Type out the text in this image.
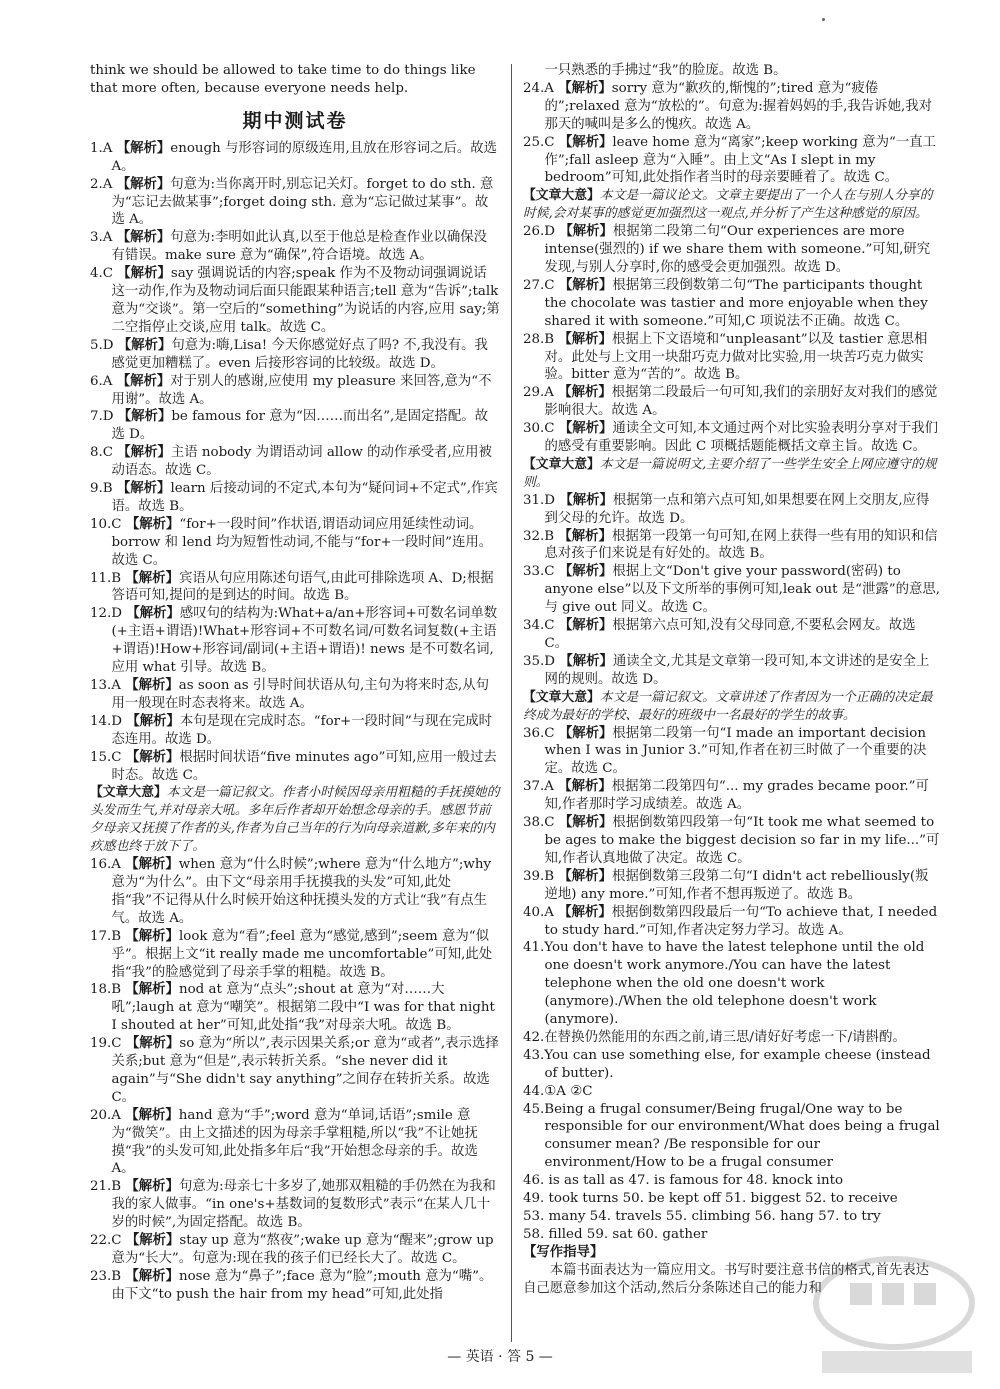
think we should be allowed to take time to do things like that more often, because everyone needs help.

期中测试卷

1.A 【解析】enough 与形容词的原级连用,且放在形容词之后。故选 A。

2.A 【解析】句意为:当你离开时,别忘记关灯。forget to do sth. 意为“忘记去做某事”;forget doing sth. 意为“忘记做过某事”。故选 A。

3.A 【解析】句意为:李明如此认真,以至于他总是检查作业以确保没有错误。make sure 意为“确保”,符合语境。故选 A。

4.C 【解析】say 强调说话的内容;speak 作为不及物动词强调说话这一动作,作为及物动词后面只能跟某种语言;tell 意为“告诉”;talk 意为“交谈”。第一空后的“something”为说话的内容,应用 say;第二空指停止交谈,应用 talk。故选 C。

5.D 【解析】句意为:嗨,Lisa! 今天你感觉好点了吗? 不,我没有。我感觉更加糟糕了。even 后接形容词的比较级。故选 D。

6.A 【解析】对于别人的感谢,应使用 my pleasure 来回答,意为“不用谢”。故选 A。

7.D 【解析】be famous for 意为“因……而出名”,是固定搭配。故选 D。

8.C 【解析】主语 nobody 为谓语动词 allow 的动作承受者,应用被动语态。故选 C。

9.B 【解析】learn 后接动词的不定式,本句为“疑问词+不定式”,作宾语。故选 B。

10.C 【解析】“for+一段时间”作状语,谓语动词应用延续性动词。borrow 和 lend 均为短暂性动词,不能与“for+一段时间”连用。故选 C。

11.B 【解析】宾语从句应用陈述句语气,由此可排除选项 A、D;根据答语可知,提问的是到达的时间。故选 B。

12.D 【解析】感叹句的结构为:What+a/an+形容词+可数名词单数(+主语+谓语)!What+形容词+不可数名词/可数名词复数(+主语+谓语)!How+形容词/副词(+主语+谓语)! news 是不可数名词,应用 what 引导。故选 B。

13.A 【解析】as soon as 引导时间状语从句,主句为将来时态,从句用一般现在时态表将来。故选 A。

14.D 【解析】本句是现在完成时态。“for+一段时间”与现在完成时态连用。故选 D。

15.C 【解析】根据时间状语“five minutes ago”可知,应用一般过去时态。故选 C。

【文章大意】本文是一篇记叙文。作者小时候因母亲用粗糙的手抚摸她的头发而生气,并对母亲大吼。多年后作者却开始想念母亲的手。感恩节前夕母亲又抚摸了作者的头,作者为自己当年的行为向母亲道歉,多年来的内疚感也终于放下了。

16.A 【解析】when 意为“什么时候”;where 意为“什么地方”;why 意为“为什么”。由下文“母亲用手抚摸我的头发”可知,此处指“我”不记得从什么时候开始这种抚摸头发的方式让“我”有点生气。故选 A。

17.B 【解析】look 意为“看”;feel 意为“感觉,感到”;seem 意为“似乎”。根据上文“it really made me uncomfortable”可知,此处指“我”的脸感觉到了母亲手掌的粗糙。故选 B。

18.B 【解析】nod at 意为“点头”;shout at 意为“对……大吼”;laugh at 意为“嘲笑”。根据第二段中“I was for that night I shouted at her”可知,此处指“我”对母亲大吼。故选 B。

19.C 【解析】so 意为“所以”,表示因果关系;or 意为“或者”,表示选择关系;but 意为“但是”,表示转折关系。“she never did it again”与“She didn't say anything”之间存在转折关系。故选 C。

20.A 【解析】hand 意为“手”;word 意为“单词,话语”;smile 意为“微笑”。由上文描述的因为母亲手掌粗糙,所以“我”不让她抚摸“我”的头发可知,此处指多年后“我”开始想念母亲的手。故选 A。

21.B 【解析】句意为:母亲七十多岁了,她那双粗糙的手仍然在为我和我的家人做事。“in one's+基数词的复数形式”表示“在某人几十岁的时候”,为固定搭配。故选 B。

22.C 【解析】stay up 意为“熬夜”;wake up 意为“醒来”;grow up 意为“长大”。句意为:现在我的孩子们已经长大了。故选 C。

23.B 【解析】nose 意为“鼻子”;face 意为“脸”;mouth 意为“嘴”。由下文“to push the hair from my head”可知,此处指

一只熟悉的手拂过“我”的脸庞。故选 B。

24.A 【解析】sorry 意为“歉疚的,惭愧的”;tired 意为“疲倦的”;relaxed 意为“放松的”。句意为:握着妈妈的手,我告诉她,我对那天的喊叫是多么的愧疚。故选 A。

25.C 【解析】leave home 意为“离家”;keep working 意为“一直工作”;fall asleep 意为“入睡”。由上文“As I slept in my bedroom”可知,此处指作者当时的母亲要睡着了。故选 C。

【文章大意】本文是一篇议论文。文章主要提出了一个人在与别人分享的时候,会对某事的感觉更加强烈这一观点,并分析了产生这种感觉的原因。

26.D 【解析】根据第二段第二句“Our experiences are more intense(强烈的) if we share them with someone.”可知,研究发现,与别人分享时,你的感受会更加强烈。故选 D。

27.C 【解析】根据第三段倒数第二句“The participants thought the chocolate was tastier and more enjoyable when they shared it with someone.”可知,C 项说法不正确。故选 C。

28.B 【解析】根据上下文语境和“unpleasant”以及 tastier 意思相对。此处与上文用一块甜巧克力做对比实验,用一块苦巧克力做实验。bitter 意为“苦的”。故选 B。

29.A 【解析】根据第二段最后一句可知,我们的亲朋好友对我们的感觉影响很大。故选 A。

30.C 【解析】通读全文可知,本文通过两个对比实验表明分享对于我们的感受有重要影响。因此 C 项概括题能概括文章主旨。故选 C。

【文章大意】本文是一篇说明文,主要介绍了一些学生安全上网应遵守的规则。

31.D 【解析】根据第一点和第六点可知,如果想要在网上交朋友,应得到父母的允许。故选 D。

32.B 【解析】根据第一段第一句可知,在网上获得一些有用的知识和信息对孩子们来说是有好处的。故选 B。

33.C 【解析】根据上文“Don't give your password(密码) to anyone else”以及下文所举的事例可知,leak out 是“泄露”的意思,与 give out 同义。故选 C。

34.C 【解析】根据第六点可知,没有父母同意,不要私会网友。故选 C。

35.D 【解析】通读全文,尤其是文章第一段可知,本文讲述的是安全上网的规则。故选 D。

【文章大意】本文是一篇记叙文。文章讲述了作者因为一个正确的决定最终成为最好的学校、最好的班级中一名最好的学生的故事。

36.C 【解析】根据第二段第一句“I made an important decision when I was in Junior 3.”可知,作者在初三时做了一个重要的决定。故选 C。

37.A 【解析】根据第二段第四句“... my grades became poor.”可知,作者那时学习成绩差。故选 A。

38.C 【解析】根据倒数第四段第一句“It took me what seemed to be ages to make the biggest decision so far in my life...”可知,作者认真地做了决定。故选 C。

39.B 【解析】根据倒数第三段第二句“I didn't act rebelliously(叛逆地) any more.”可知,作者不想再叛逆了。故选 B。

40.A 【解析】根据倒数第四段最后一句“To achieve that, I needed to study hard.”可知,作者决定努力学习。故选 A。

41.You don't have to have the latest telephone until the old one doesn't work anymore./You can have the latest telephone when the old one doesn't work (anymore)./When the old telephone doesn't work (anymore).

42.在替换仍然能用的东西之前,请三思/请好好考虑一下/请斟酌。

43.You can use something else, for example cheese (instead of butter).

44.①A ②C

45.Being a frugal consumer/Being frugal/One way to be responsible for our environment/What does being a frugal consumer mean? /Be responsible for our environment/How to be a frugal consumer

46. is as tall as 47. is famous for 48. knock into

49. took turns 50. be kept off 51. biggest 52. to receive

53. many 54. travels 55. climbing 56. hang 57. to try

58. filled 59. sat 60. gather

【写作指导】

本篇书面表达为一篇应用文。书写时要注意书信的格式,首先表达自己愿意参加这个活动,然后分条陈述自己的能力和

— 英语 · 答 5 —
